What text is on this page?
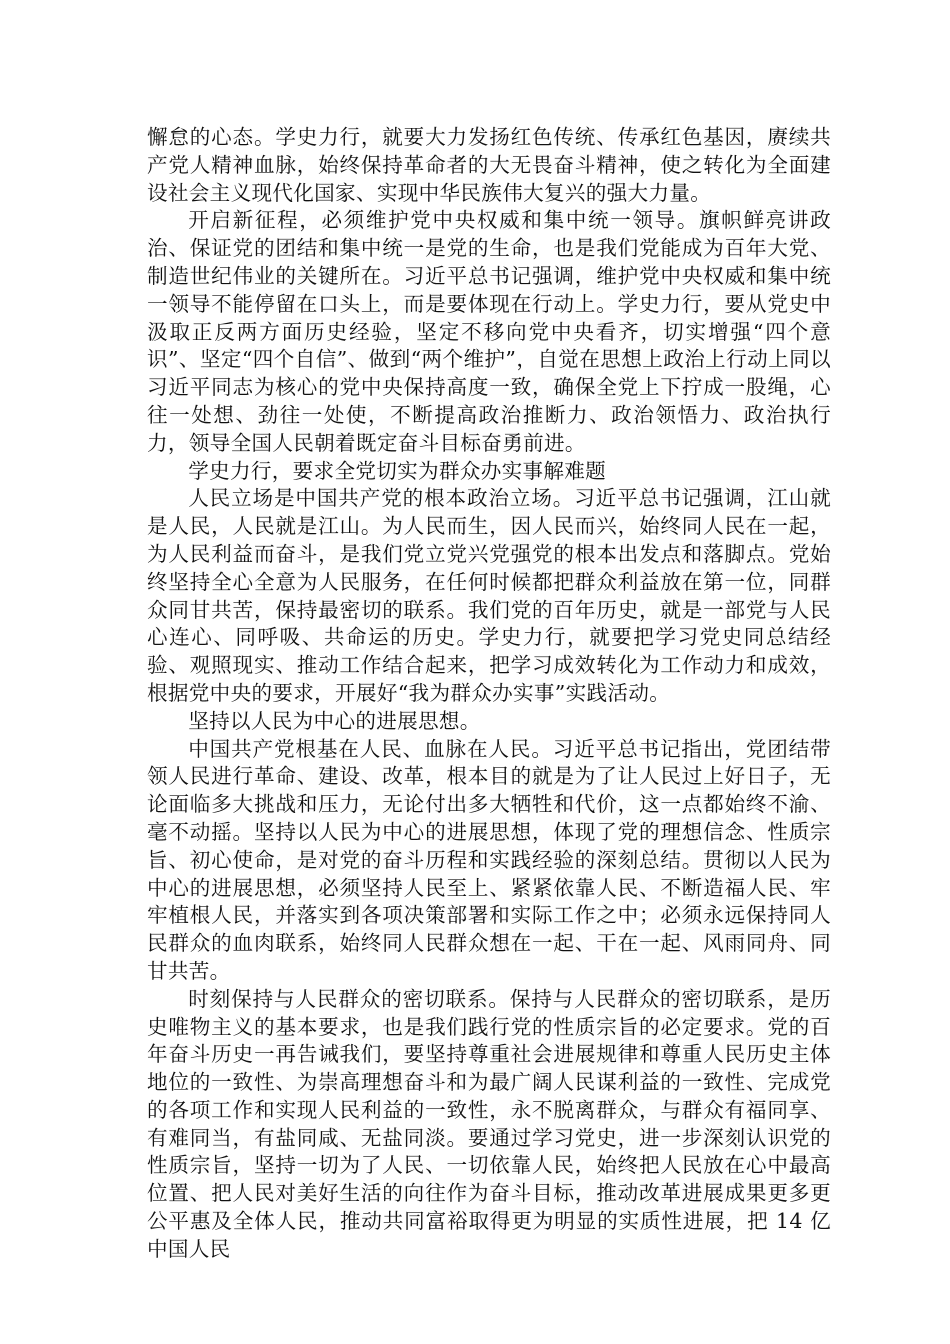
懈怠的心态。学史力行，就要大力发扬红色传统、传承红色基因，赓续共产党人精神血脉，始终保持革命者的大无畏奋斗精神，使之转化为全面建设社会主义现代化国家、实现中华民族伟大复兴的强大力量。

开启新征程，必须维护党中央权威和集中统一领导。旗帜鲜亮讲政治、保证党的团结和集中统一是党的生命，也是我们党能成为百年大党、制造世纪伟业的关键所在。习近平总书记强调，维护党中央权威和集中统一领导不能停留在口头上，而是要体现在行动上。学史力行，要从党史中汲取正反两方面历史经验，坚定不移向党中央看齐，切实增强“四个意识”、坚定“四个自信”、做到“两个维护”，自觉在思想上政治上行动上同以习近平同志为核心的党中央保持高度一致，确保全党上下拧成一股绳，心往一处想、劲往一处使，不断提高政治推断力、政治领悟力、政治执行力，领导全国人民朝着既定奋斗目标奋勇前进。

学史力行，要求全党切实为群众办实事解难题

人民立场是中国共产党的根本政治立场。习近平总书记强调，江山就是人民，人民就是江山。为人民而生，因人民而兴，始终同人民在一起，为人民利益而奋斗，是我们党立党兴党强党的根本出发点和落脚点。党始终坚持全心全意为人民服务，在任何时候都把群众利益放在第一位，同群众同甘共苦，保持最密切的联系。我们党的百年历史，就是一部党与人民心连心、同呼吸、共命运的历史。学史力行，就要把学习党史同总结经验、观照现实、推动工作结合起来，把学习成效转化为工作动力和成效，根据党中央的要求，开展好“我为群众办实事”实践活动。

坚持以人民为中心的进展思想。

中国共产党根基在人民、血脉在人民。习近平总书记指出，党团结带领人民进行革命、建设、改革，根本目的就是为了让人民过上好日子，无论面临多大挑战和压力，无论付出多大牺牲和代价，这一点都始终不渝、毫不动摇。坚持以人民为中心的进展思想，体现了党的理想信念、性质宗旨、初心使命，是对党的奋斗历程和实践经验的深刻总结。贯彻以人民为中心的进展思想，必须坚持人民至上、紧紧依靠人民、不断造福人民、牢牢植根人民，并落实到各项决策部署和实际工作之中；必须永远保持同人民群众的血肉联系，始终同人民群众想在一起、干在一起、风雨同舟、同甘共苦。

时刻保持与人民群众的密切联系。保持与人民群众的密切联系，是历史唯物主义的基本要求，也是我们践行党的性质宗旨的必定要求。党的百年奋斗历史一再告诫我们，要坚持尊重社会进展规律和尊重人民历史主体地位的一致性、为崇高理想奋斗和为最广阔人民谋利益的一致性、完成党的各项工作和实现人民利益的一致性，永不脱离群众，与群众有福同享、有难同当，有盐同咸、无盐同淡。要通过学习党史，进一步深刻认识党的性质宗旨，坚持一切为了人民、一切依靠人民，始终把人民放在心中最高位置、把人民对美好生活的向往作为奋斗目标，推动改革进展成果更多更公平惠及全体人民，推动共同富裕取得更为明显的实质性进展，把 14 亿中国人民
